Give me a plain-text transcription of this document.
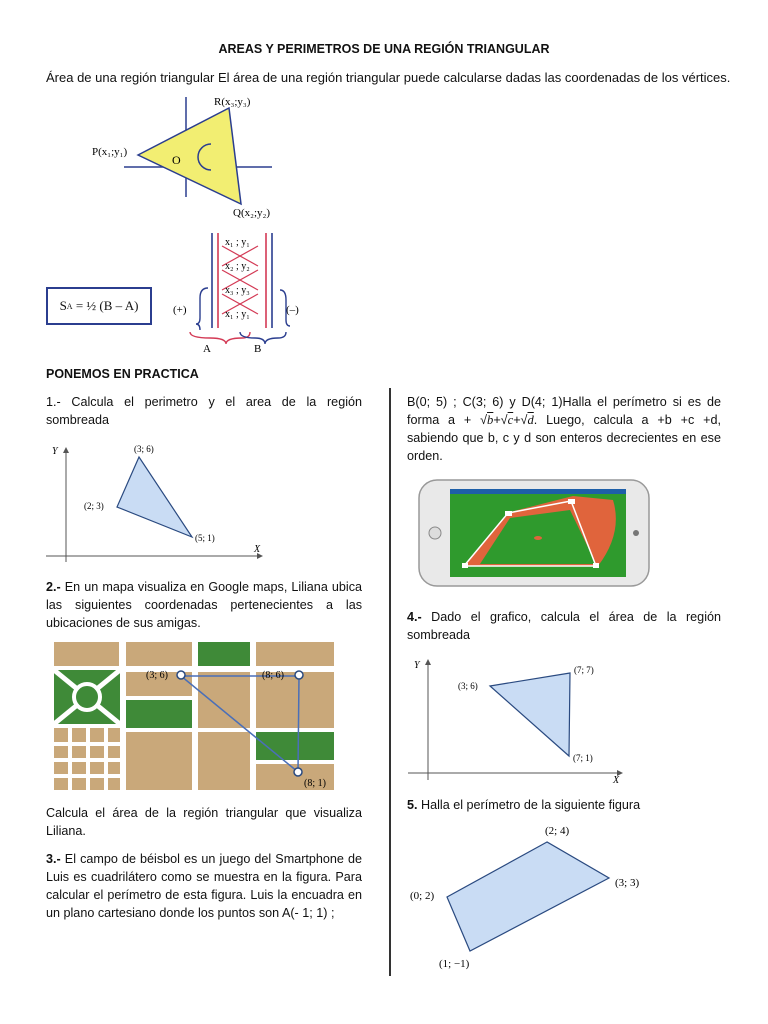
AREAS Y PERIMETROS DE UNA REGIÓN TRIANGULAR
Área de una región triangular El área de una región triangular puede calcularse dadas las coordenadas de los vértices.
R(x₃;y₃)
P(x₁;y₁)
Q(x₂;y₂)
O
S A
= ½ (B – A)
x₁ ; y₁
x₂ ; y₂
x₃ ; y₃
x₁ ; y₁
(+)	(–)
A	B
PONEMOS EN PRACTICA
1.- Calcula el perimetro y el area de la región sombreada
Y
X
(3; 6)
(2; 3)
(5; 1)
2.- En un mapa visualiza en Google maps, Liliana ubica las siguientes coordenadas pertenecientes a las ubicaciones de sus amigas.
(3; 6)	(8; 6)
(8; 1)
Calcula el área de la región triangular que visualiza Liliana.
3.- El campo de béisbol es un juego del Smartphone de Luis es cuadrilátero como se muestra en la figura. Para calcular el perímetro de esta figura. Luis la encuadra en un plano cartesiano donde los puntos son A(- 1; 1) ;
B(0; 5) ; C(3; 6) y D(4; 1)Halla el perímetro si es de forma a + √b+√c+√d. Luego, calcula a +b +c +d, sabiendo que b, c y d son enteros decrecientes en ese orden.
4.- Dado el grafico, calcula el área de la región sombreada
Y
X
(3; 6)
(7; 7)
(7; 1)
5. Halla el perímetro de la siguiente figura
(2; 4)
(0; 2)
(3; 3)
(1; −1)
